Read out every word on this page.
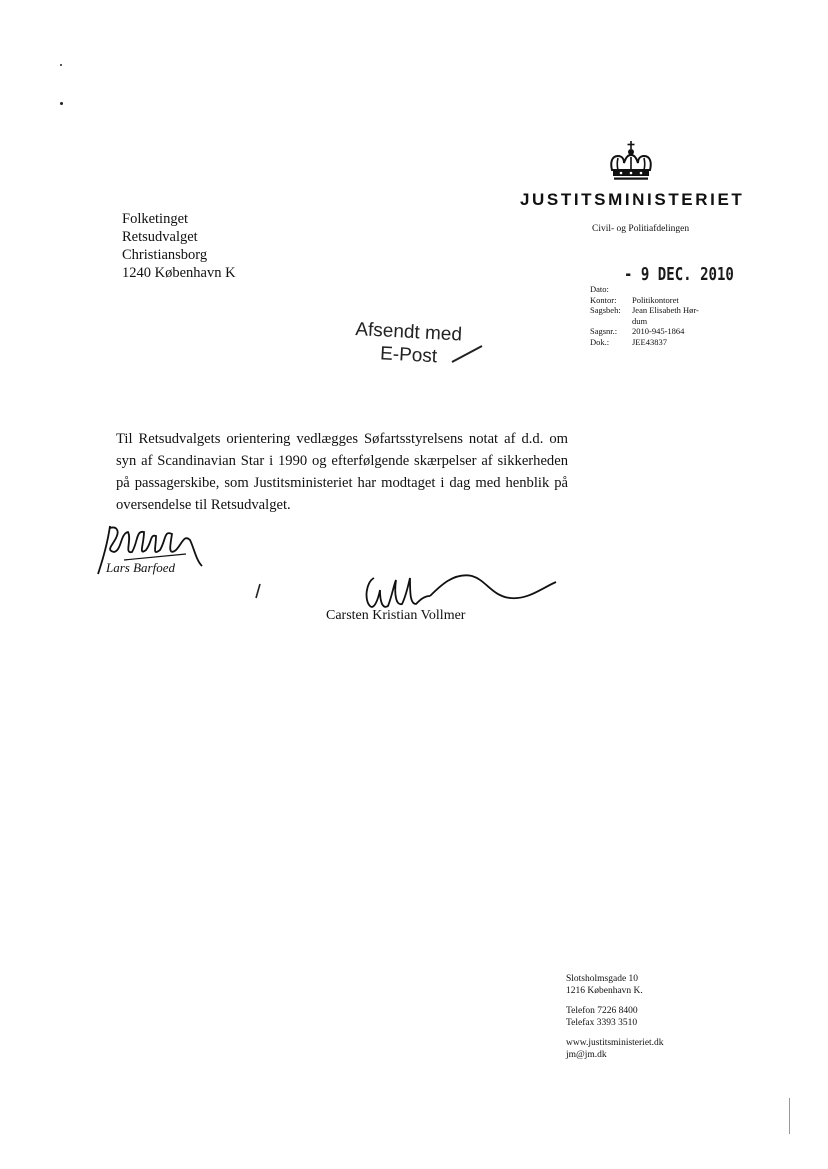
JUSTITSMINISTERIET
Civil- og Politiafdelingen
Folketinget
Retsudvalget
Christiansborg
1240 København K	- 9 DEC. 2010
Dato:
Kontor:	Politikontoret
Sagsbeh:	Jean Elisabeth Hør-
dum
Sagsnr.:	2010-945-1864
Dok.:	JEE43837
Afsendt med
E-Post
Til Retsudvalgets orientering vedlægges Søfartsstyrelsens notat af d.d. om syn af Scandinavian Star i 1990 og efterfølgende skærpelser af sikkerheden på passagerskibe, som Justitsministeriet har modtaget i dag med henblik på oversendelse til Retsudvalget.
Lars Barfoed
Carsten Kristian Vollmer
Slotsholmsgade 10
1216 København K.
Telefon 7226 8400
Telefax 3393 3510
www.justitsministeriet.dk
jm@jm.dk
